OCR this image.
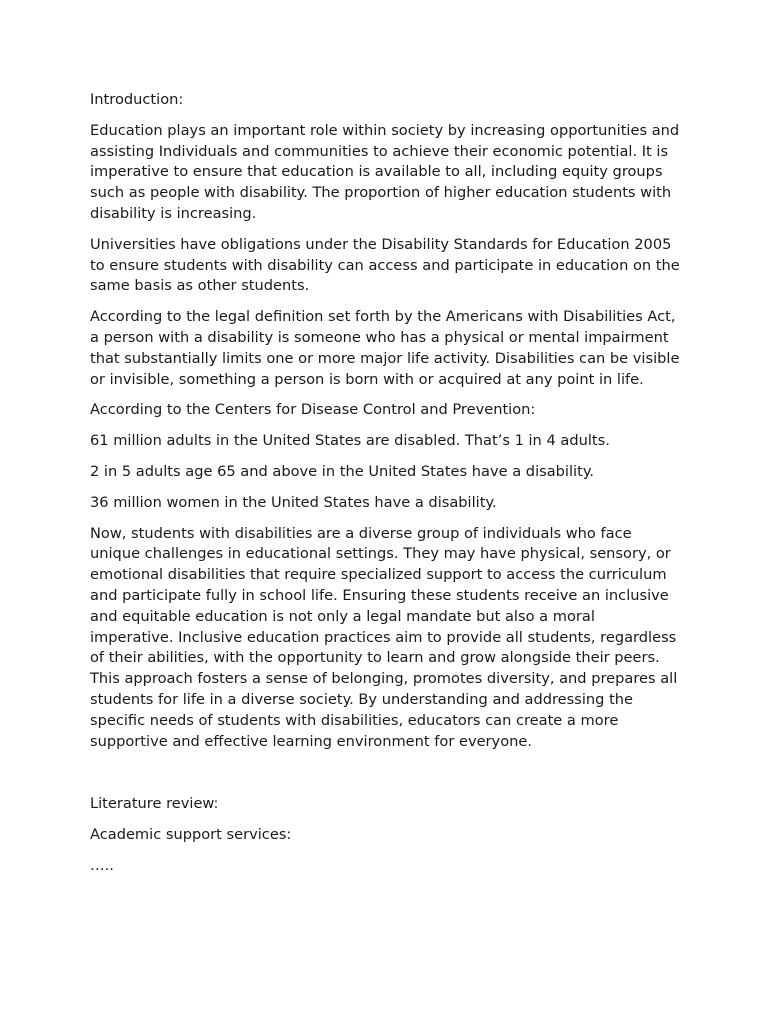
Introduction:

Education plays an important role within society by increasing opportunities and assisting Individuals and communities to achieve their economic potential. It is imperative to ensure that education is available to all, including equity groups such as people with disability. The proportion of higher education students with disability is increasing.

Universities have obligations under the Disability Standards for Education 2005 to ensure students with disability can access and participate in education on the same basis as other students.

According to the legal definition set forth by the Americans with Disabilities Act, a person with a disability is someone who has a physical or mental impairment that substantially limits one or more major life activity. Disabilities can be visible or invisible, something a person is born with or acquired at any point in life.

According to the Centers for Disease Control and Prevention:

61 million adults in the United States are disabled. That’s 1 in 4 adults.

2 in 5 adults age 65 and above in the United States have a disability.

36 million women in the United States have a disability.

Now, students with disabilities are a diverse group of individuals who face unique challenges in educational settings. They may have physical, sensory, or emotional disabilities that require specialized support to access the curriculum and participate fully in school life. Ensuring these students receive an inclusive and equitable education is not only a legal mandate but also a moral imperative. Inclusive education practices aim to provide all students, regardless of their abilities, with the opportunity to learn and grow alongside their peers. This approach fosters a sense of belonging, promotes diversity, and prepares all students for life in a diverse society. By understanding and addressing the specific needs of students with disabilities, educators can create a more supportive and effective learning environment for everyone.

Literature review:

Academic support services:

…..
